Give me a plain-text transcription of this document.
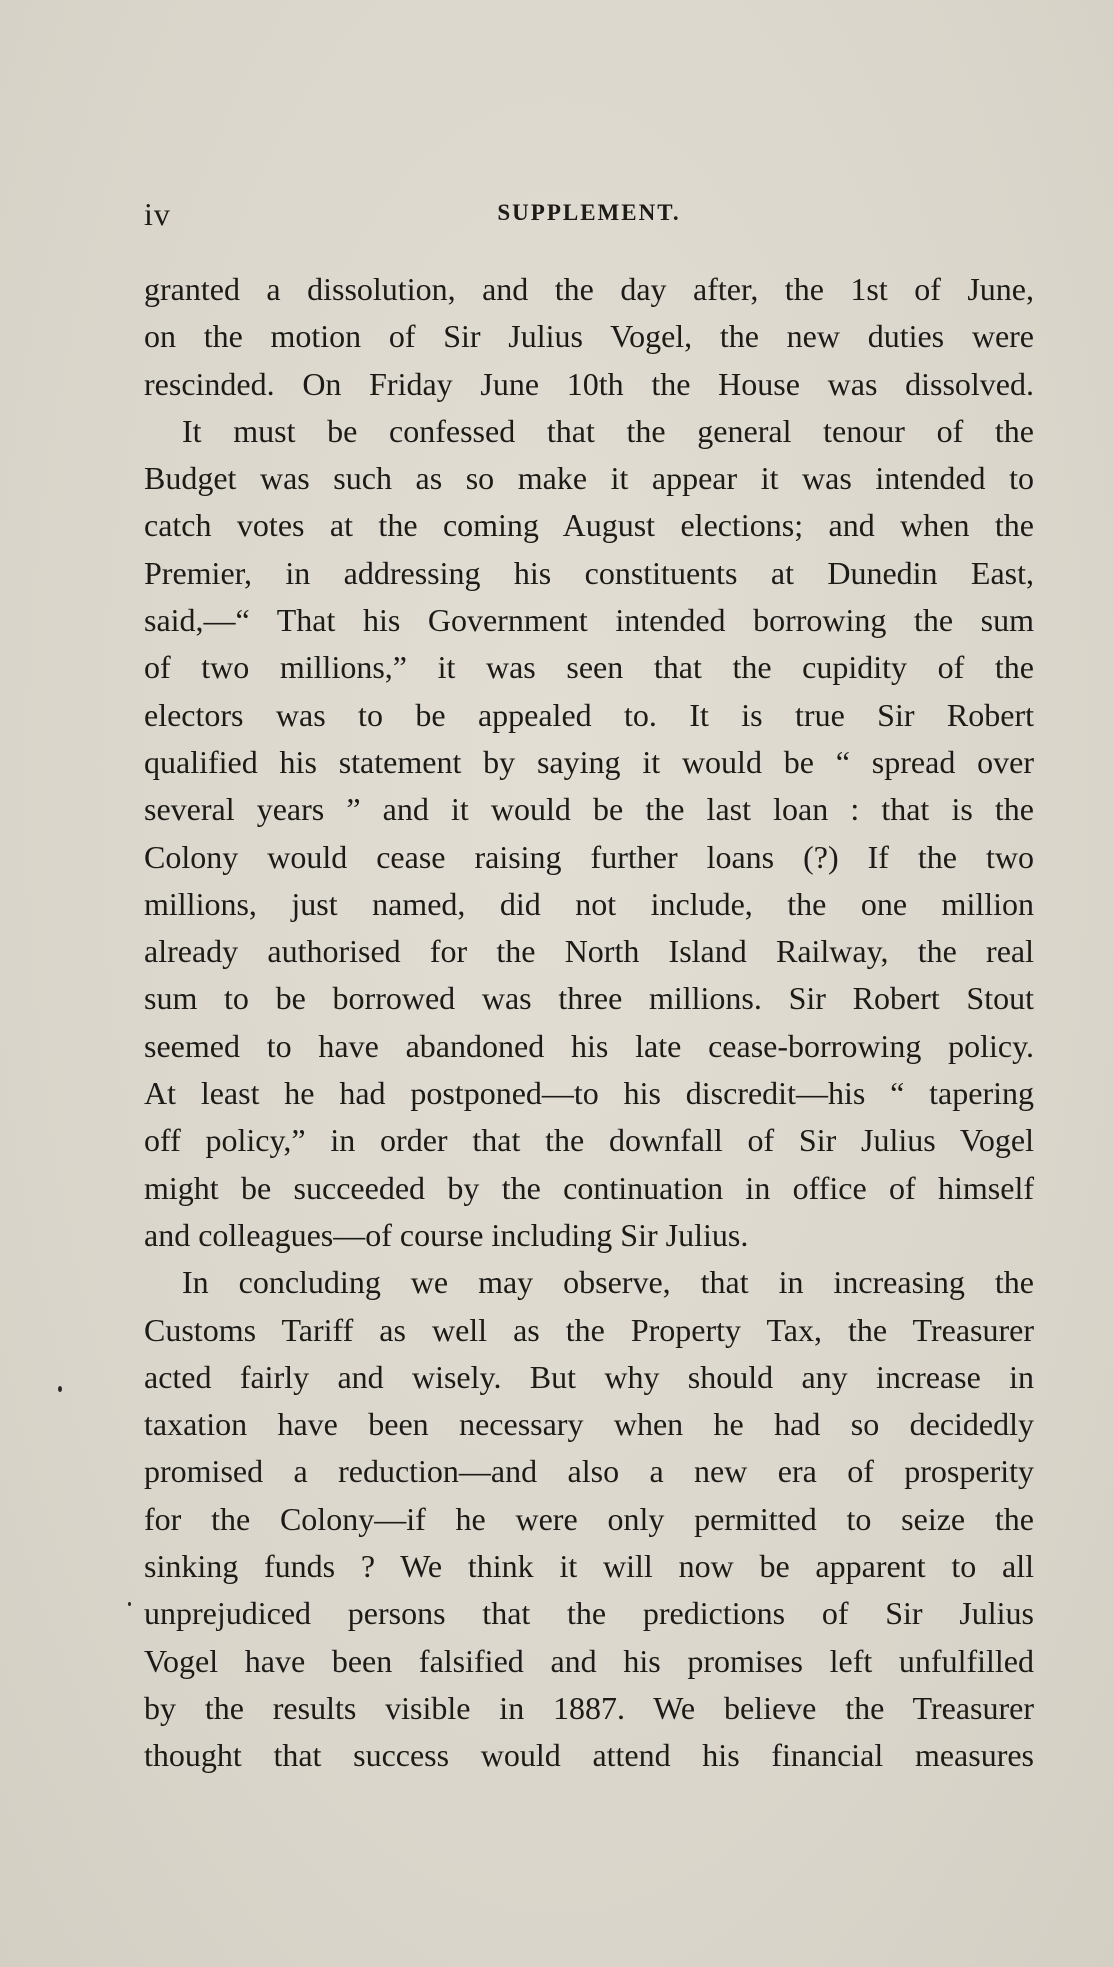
iv	SUPPLEMENT.
granted a dissolution, and the day after, the 1st of June,
on the motion of Sir Julius Vogel, the new duties were
rescinded. On Friday June 10th the House was dissolved.
It must be confessed that the general tenour of the
Budget was such as so make it appear it was intended to
catch votes at the coming August elections; and when the
Premier, in addressing his constituents at Dunedin East,
said,—“ That his Government intended borrowing the sum
of two millions,” it was seen that the cupidity of the
electors was to be appealed to. It is true Sir Robert
qualified his statement by saying it would be “ spread over
several years ” and it would be the last loan : that is the
Colony would cease raising further loans (?) If the two
millions, just named, did not include, the one million
already authorised for the North Island Railway, the real
sum to be borrowed was three millions. Sir Robert Stout
seemed to have abandoned his late cease-borrowing policy.
At least he had postponed—to his discredit—his “ tapering
off policy,” in order that the downfall of Sir Julius Vogel
might be succeeded by the continuation in office of himself
and colleagues—of course including Sir Julius.
In concluding we may observe, that in increasing the
Customs Tariff as well as the Property Tax, the Treasurer
acted fairly and wisely. But why should any increase in
taxation have been necessary when he had so decidedly
promised a reduction—and also a new era of prosperity
for the Colony—if he were only permitted to seize the
sinking funds ? We think it will now be apparent to all
unprejudiced persons that the predictions of Sir Julius
Vogel have been falsified and his promises left unfulfilled
by the results visible in 1887. We believe the Treasurer
thought that success would attend his financial measures
